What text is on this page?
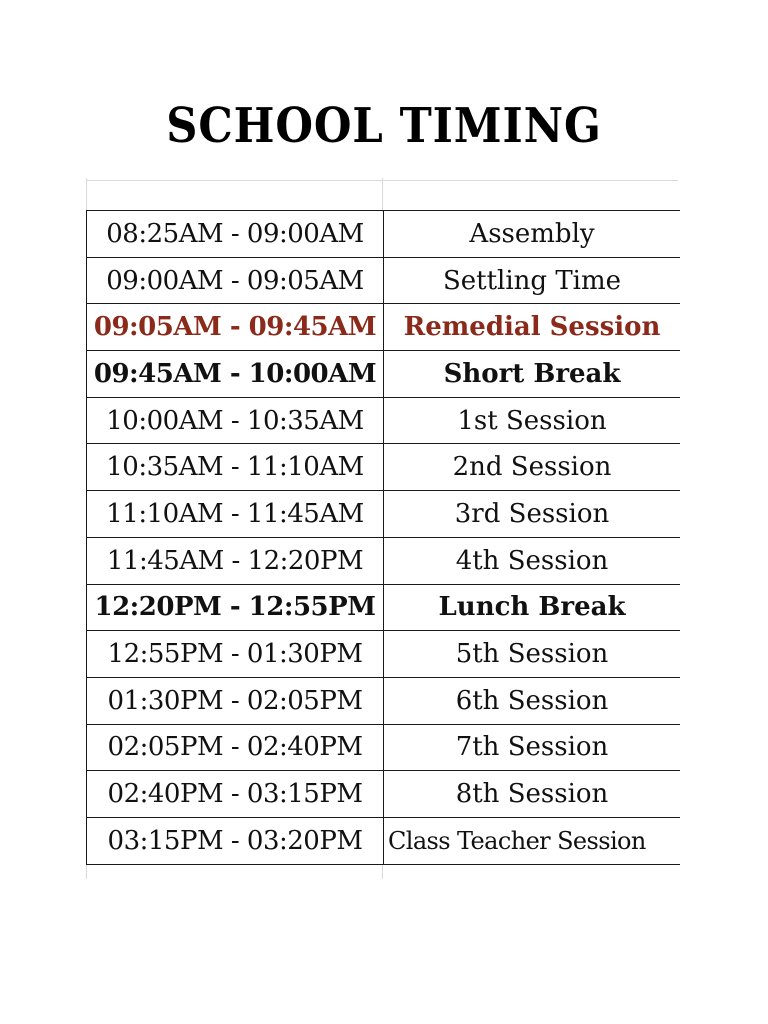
SCHOOL TIMING
08:25AM - 09:00AM	Assembly
09:00AM - 09:05AM	Settling Time
09:05AM - 09:45AM	Remedial Session
09:45AM - 10:00AM	Short Break
10:00AM - 10:35AM	1st Session
10:35AM - 11:10AM	2nd Session
11:10AM - 11:45AM	3rd Session
11:45AM - 12:20PM	4th Session
12:20PM - 12:55PM	Lunch Break
12:55PM - 01:30PM	5th Session
01:30PM - 02:05PM	6th Session
02:05PM - 02:40PM	7th Session
02:40PM - 03:15PM	8th Session
03:15PM - 03:20PM	Class Teacher Session
